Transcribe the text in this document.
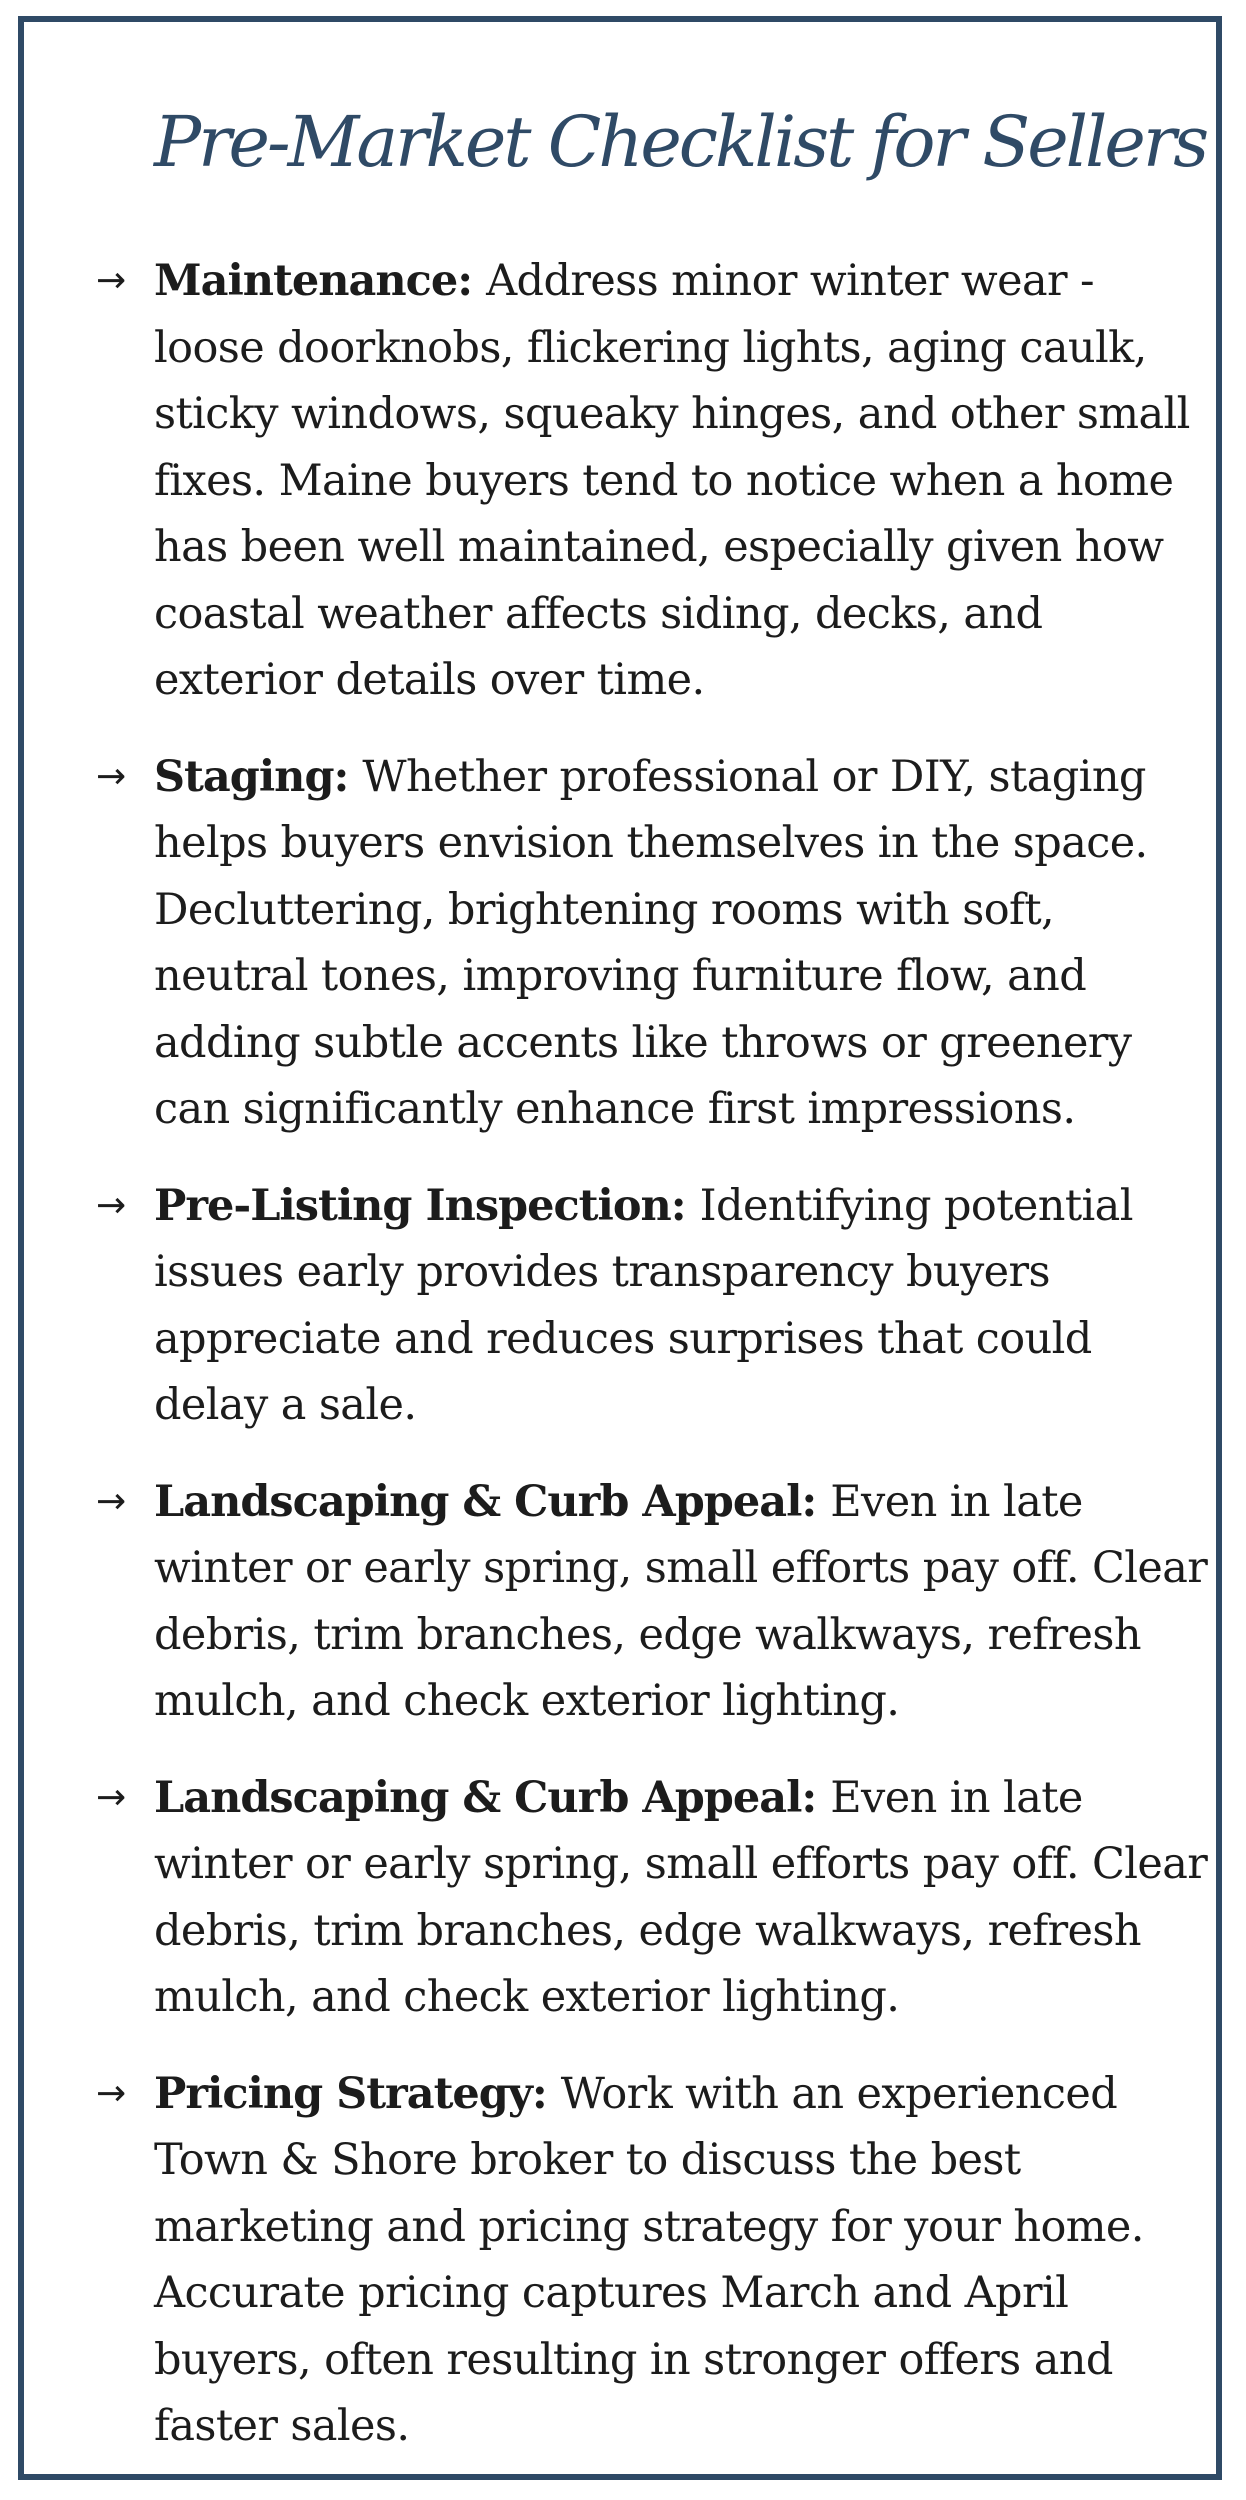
Pre-Market Checklist for Sellers
→ Maintenance: Address minor winter wear - loose doorknobs, flickering lights, aging caulk, sticky windows, squeaky hinges, and other small fixes. Maine buyers tend to notice when a home has been well maintained, especially given how coastal weather affects siding, decks, and exterior details over time.
→ Staging: Whether professional or DIY, staging helps buyers envision themselves in the space. Decluttering, brightening rooms with soft, neutral tones, improving furniture flow, and adding subtle accents like throws or greenery can significantly enhance first impressions.
→ Pre-Listing Inspection: Identifying potential issues early provides transparency buyers appreciate and reduces surprises that could delay a sale.
→ Landscaping & Curb Appeal: Even in late winter or early spring, small efforts pay off. Clear debris, trim branches, edge walkways, refresh mulch, and check exterior lighting.
→ Landscaping & Curb Appeal: Even in late winter or early spring, small efforts pay off. Clear debris, trim branches, edge walkways, refresh mulch, and check exterior lighting.
→ Pricing Strategy: Work with an experienced Town & Shore broker to discuss the best marketing and pricing strategy for your home. Accurate pricing captures March and April buyers, often resulting in stronger offers and faster sales.
